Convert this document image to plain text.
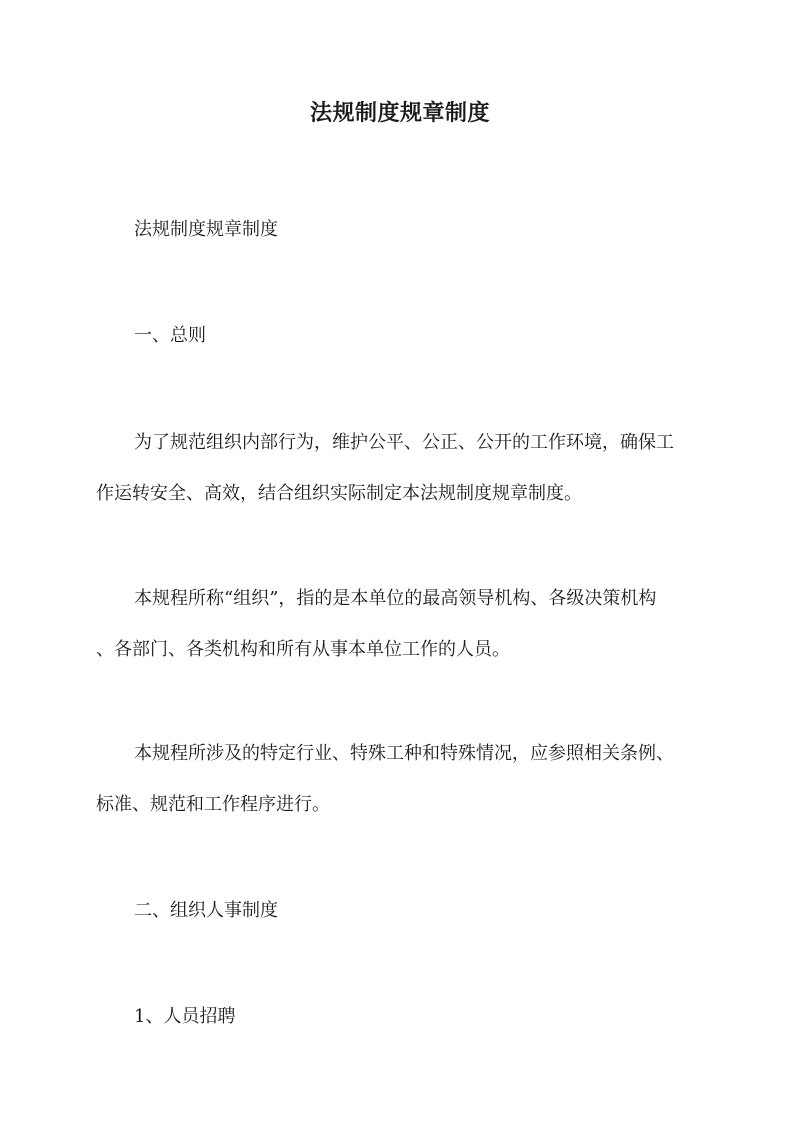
法规制度规章制度
法规制度规章制度
一、总则
为了规范组织内部行为，维护公平、公正、公开的工作环境，确保工
作运转安全、高效，结合组织实际制定本法规制度规章制度。
本规程所称“组织”，指的是本单位的最高领导机构、各级决策机构
、各部门、各类机构和所有从事本单位工作的人员。
本规程所涉及的特定行业、特殊工种和特殊情况，应参照相关条例、
标准、规范和工作程序进行。
二、组织人事制度
1、人员招聘
